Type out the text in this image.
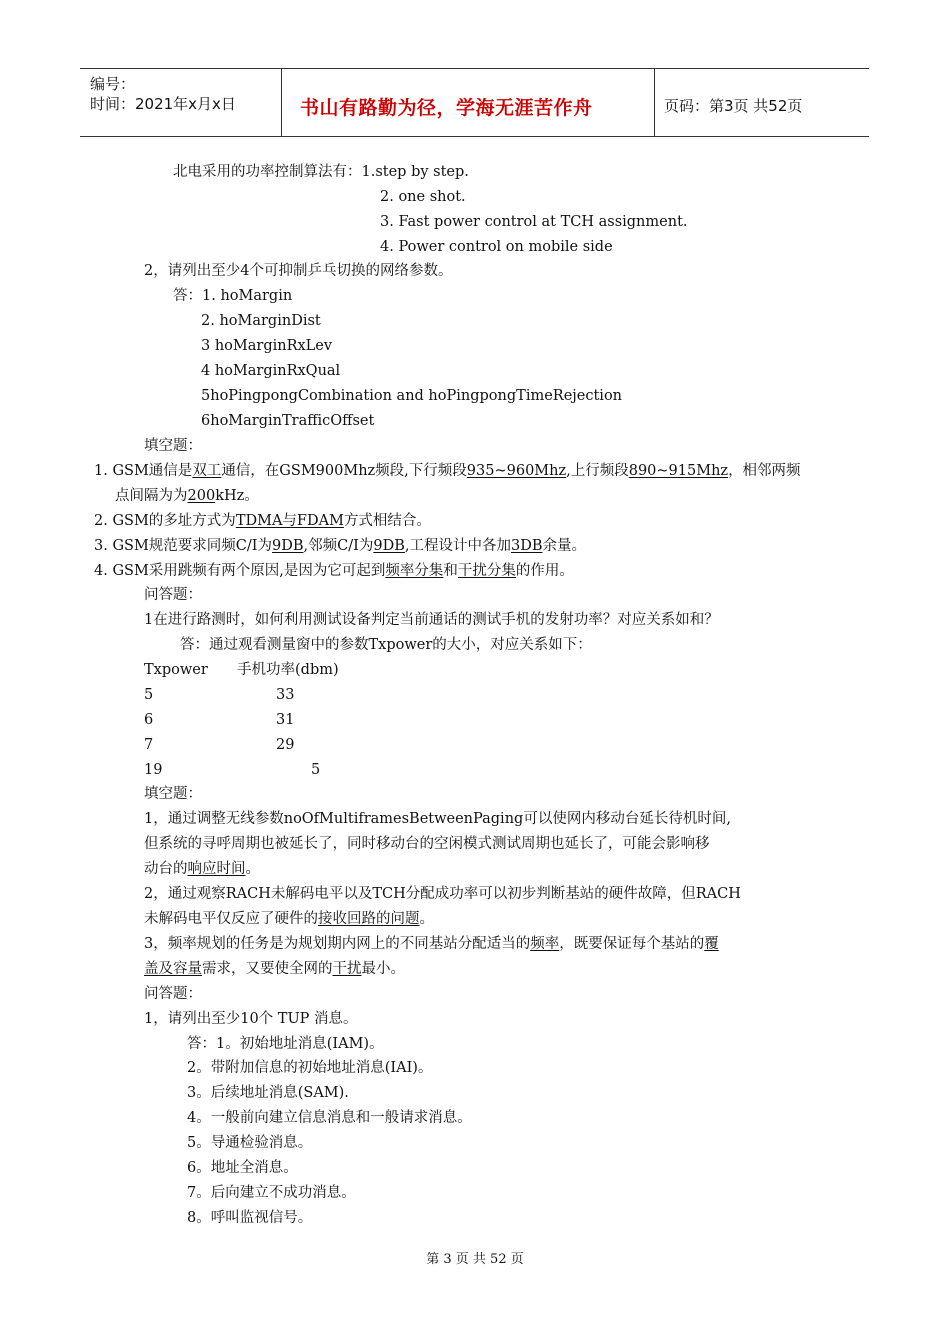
编号：
时间：2021年x月x日	书山有路勤为径，学海无涯苦作舟	页码：第3页 共52页
北电采用的功率控制算法有：1.step by step.
2. one shot.
3. Fast power control at TCH assignment.
4. Power control on mobile side
2，请列出至少4个可抑制乒乓切换的网络参数。
答：1. hoMargin
2. hoMarginDist
3 hoMarginRxLev
4 hoMarginRxQual
5hoPingpongCombination and hoPingpongTimeRejection
6hoMarginTrafficOffset
填空题：
1. GSM通信是双工通信，在GSM900Mhz频段,下行频段935~960Mhz,上行频段890~915Mhz，相邻两频
点间隔为为200kHz。
2. GSM的多址方式为TDMA与FDAM方式相结合。
3. GSM规范要求同频C/I为9DB,邻频C/I为9DB,工程设计中各加3DB余量。
4. GSM采用跳频有两个原因,是因为它可起到频率分集和干扰分集的作用。
问答题：
1在进行路测时，如何利用测试设备判定当前通话的测试手机的发射功率？对应关系如和？
答：通过观看测量窗中的参数Txpower的大小，对应关系如下：
Txpower 手机功率(dbm)
5	33
6	31
7	29
19	5
填空题：
1，通过调整无线参数noOfMultiframesBetweenPaging可以使网内移动台延长待机时间,
但系统的寻呼周期也被延长了，同时移动台的空闲模式测试周期也延长了，可能会影响移
动台的响应时间。
2，通过观察RACH未解码电平以及TCH分配成功率可以初步判断基站的硬件故障，但RACH
未解码电平仅反应了硬件的接收回路的问题。
3，频率规划的任务是为规划期内网上的不同基站分配适当的频率，既要保证每个基站的覆
盖及容量需求，又要使全网的干扰最小。
问答题：
1，请列出至少10个 TUP 消息。
答：1。初始地址消息(IAM)。
2。带附加信息的初始地址消息(IAI)。
3。后续地址消息(SAM).
4。一般前向建立信息消息和一般请求消息。
5。导通检验消息。
6。地址全消息。
7。后向建立不成功消息。
8。呼叫监视信号。
第 3 页 共 52 页
